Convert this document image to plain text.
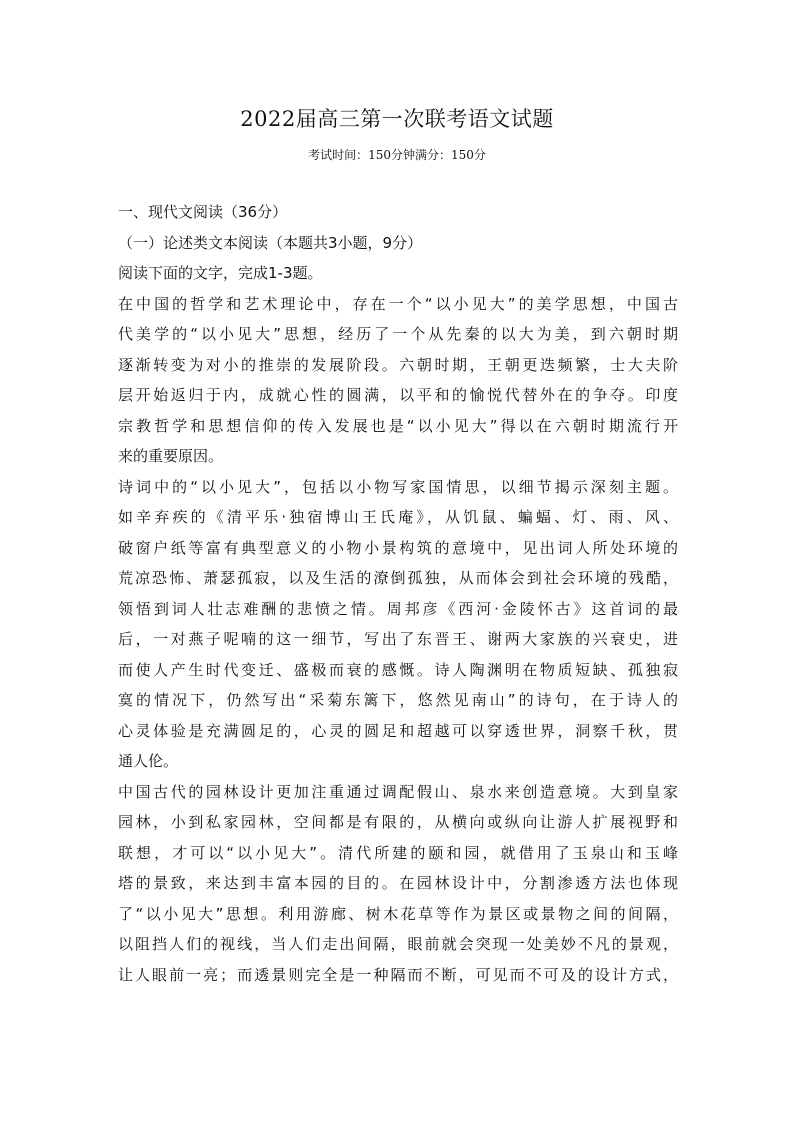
2022届高三第一次联考语文试题
考试时间：150分钟满分：150分
一、现代文阅读（36分）
（一）论述类文本阅读（本题共3小题，9分）
阅读下面的文字，完成1-3题。
在中国的哲学和艺术理论中，存在一个“以小见大”的美学思想，中国古
代美学的“以小见大”思想，经历了一个从先秦的以大为美，到六朝时期
逐渐转变为对小的推崇的发展阶段。六朝时期，王朝更迭频繁，士大夫阶
层开始返归于内，成就心性的圆满，以平和的愉悦代替外在的争夺。印度
宗教哲学和思想信仰的传入发展也是“以小见大”得以在六朝时期流行开
来的重要原因。
诗词中的“以小见大”，包括以小物写家国情思，以细节揭示深刻主题。
如辛弃疾的《清平乐·独宿博山王氏庵》，从饥鼠、蝙蝠、灯、雨、风、
破窗户纸等富有典型意义的小物小景构筑的意境中，见出词人所处环境的
荒凉恐怖、萧瑟孤寂，以及生活的潦倒孤独，从而体会到社会环境的残酷，
领悟到词人壮志难酬的悲愤之情。周邦彦《西河·金陵怀古》这首词的最
后，一对燕子呢喃的这一细节，写出了东晋王、谢两大家族的兴衰史，进
而使人产生时代变迁、盛极而衰的感慨。诗人陶渊明在物质短缺、孤独寂
寞的情况下，仍然写出“采菊东篱下，悠然见南山”的诗句，在于诗人的
心灵体验是充满圆足的，心灵的圆足和超越可以穿透世界，洞察千秋，贯
通人伦。
中国古代的园林设计更加注重通过调配假山、泉水来创造意境。大到皇家
园林，小到私家园林，空间都是有限的，从横向或纵向让游人扩展视野和
联想，才可以“以小见大”。清代所建的颐和园，就借用了玉泉山和玉峰
塔的景致，来达到丰富本园的目的。在园林设计中，分割渗透方法也体现
了“以小见大”思想。利用游廊、树木花草等作为景区或景物之间的间隔，
以阻挡人们的视线，当人们走出间隔，眼前就会突现一处美妙不凡的景观，
让人眼前一亮；而透景则完全是一种隔而不断，可见而不可及的设计方式，
